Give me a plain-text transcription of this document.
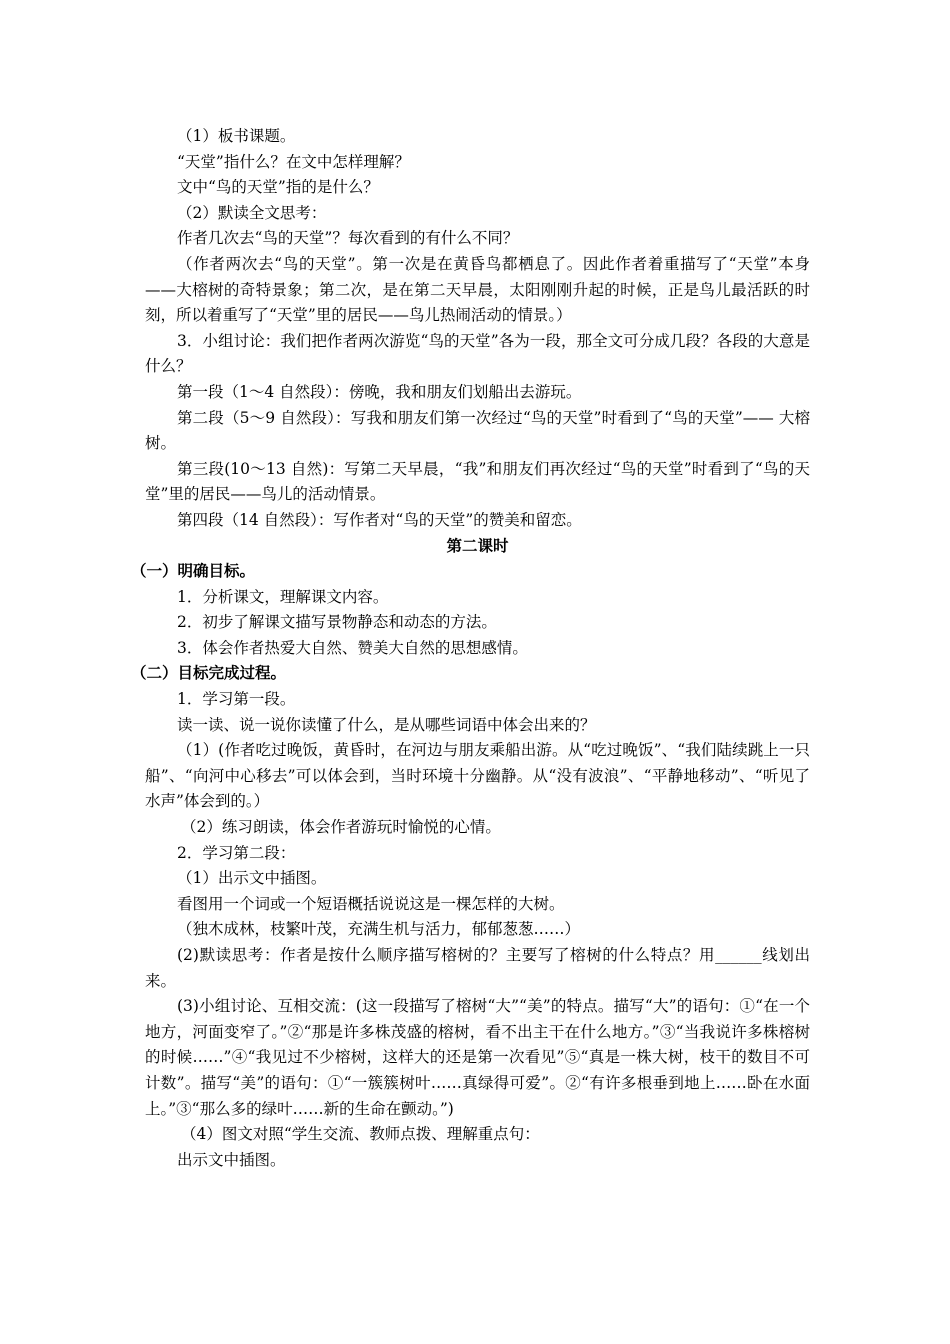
（1）板书课题。

“天堂”指什么？在文中怎样理解？

文中“鸟的天堂”指的是什么？

（2）默读全文思考：

作者几次去“鸟的天堂”？每次看到的有什么不同？

（作者两次去“鸟的天堂”。第一次是在黄昏鸟都栖息了。因此作者着重描写了“天堂”本身——大榕树的奇特景象；第二次，是在第二天早晨，太阳刚刚升起的时候，正是鸟儿最活跃的时刻，所以着重写了“天堂”里的居民——鸟儿热闹活动的情景。）

3．小组讨论：我们把作者两次游览“鸟的天堂”各为一段，那全文可分成几段？各段的大意是什么？

第一段（1～4 自然段）：傍晚，我和朋友们划船出去游玩。

第二段（5～9 自然段）：写我和朋友们第一次经过“鸟的天堂”时看到了“鸟的天堂”—— 大榕树。

第三段(10～13 自然)：写第二天早晨，“我”和朋友们再次经过“鸟的天堂”时看到了“鸟的天堂”里的居民——鸟儿的活动情景。

第四段（14 自然段）：写作者对“鸟的天堂”的赞美和留恋。

第二课时

（一）明确目标。

1．分析课文，理解课文内容。

2．初步了解课文描写景物静态和动态的方法。

3．体会作者热爱大自然、赞美大自然的思想感情。

（二）目标完成过程。

1．学习第一段。

读一读、说一说你读懂了什么，是从哪些词语中体会出来的？

（1）(作者吃过晚饭，黄昏时，在河边与朋友乘船出游。从“吃过晚饭”、“我们陆续跳上一只船”、“向河中心移去”可以体会到，当时环境十分幽静。从“没有波浪”、“平静地移动”、“听见了水声”体会到的。）

（2）练习朗读，体会作者游玩时愉悦的心情。

2．学习第二段：

（1）出示文中插图。

看图用一个词或一个短语概括说说这是一棵怎样的大树。

（独木成林，枝繁叶茂，充满生机与活力，郁郁葱葱……）

(2)默读思考：作者是按什么顺序描写榕树的？主要写了榕树的什么特点？用______线划出来。

(3)小组讨论、互相交流：(这一段描写了榕树“大”“美”的特点。描写“大”的语句：①“在一个地方，河面变窄了。”②“那是许多株茂盛的榕树，看不出主干在什么地方。”③“当我说许多株榕树的时候……”④“我见过不少榕树，这样大的还是第一次看见”⑤“真是一株大树，枝干的数目不可计数”。描写“美”的语句：①“一簇簇树叶……真绿得可爱”。②“有许多根垂到地上……卧在水面上。”③“那么多的绿叶……新的生命在颤动。”)

（4）图文对照“学生交流、教师点拨、理解重点句：

出示文中插图。
